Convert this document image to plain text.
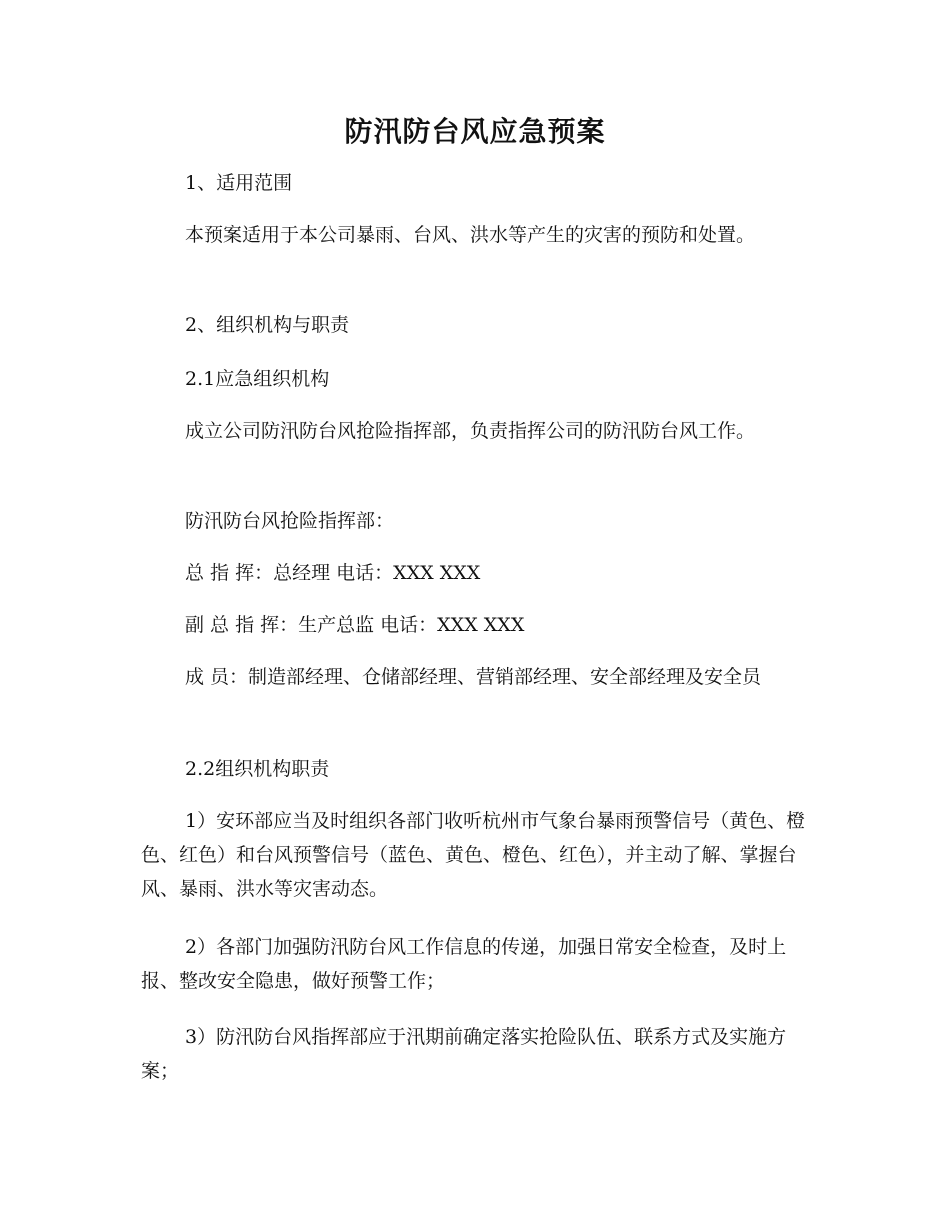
防汛防台风应急预案
1、适用范围
本预案适用于本公司暴雨、台风、洪水等产生的灾害的预防和处置。
2、组织机构与职责
2.1应急组织机构
成立公司防汛防台风抢险指挥部，负责指挥公司的防汛防台风工作。
防汛防台风抢险指挥部：
总 指 挥：总经理 电话：XXX XXX
副 总 指 挥：生产总监 电话：XXX XXX
成 员：制造部经理、仓储部经理、营销部经理、安全部经理及安全员
2.2组织机构职责
1）安环部应当及时组织各部门收听杭州市气象台暴雨预警信号（黄色、橙色、红色）和台风预警信号（蓝色、黄色、橙色、红色），并主动了解、掌握台风、暴雨、洪水等灾害动态。
2）各部门加强防汛防台风工作信息的传递，加强日常安全检查，及时上报、整改安全隐患，做好预警工作；
3）防汛防台风指挥部应于汛期前确定落实抢险队伍、联系方式及实施方案；
